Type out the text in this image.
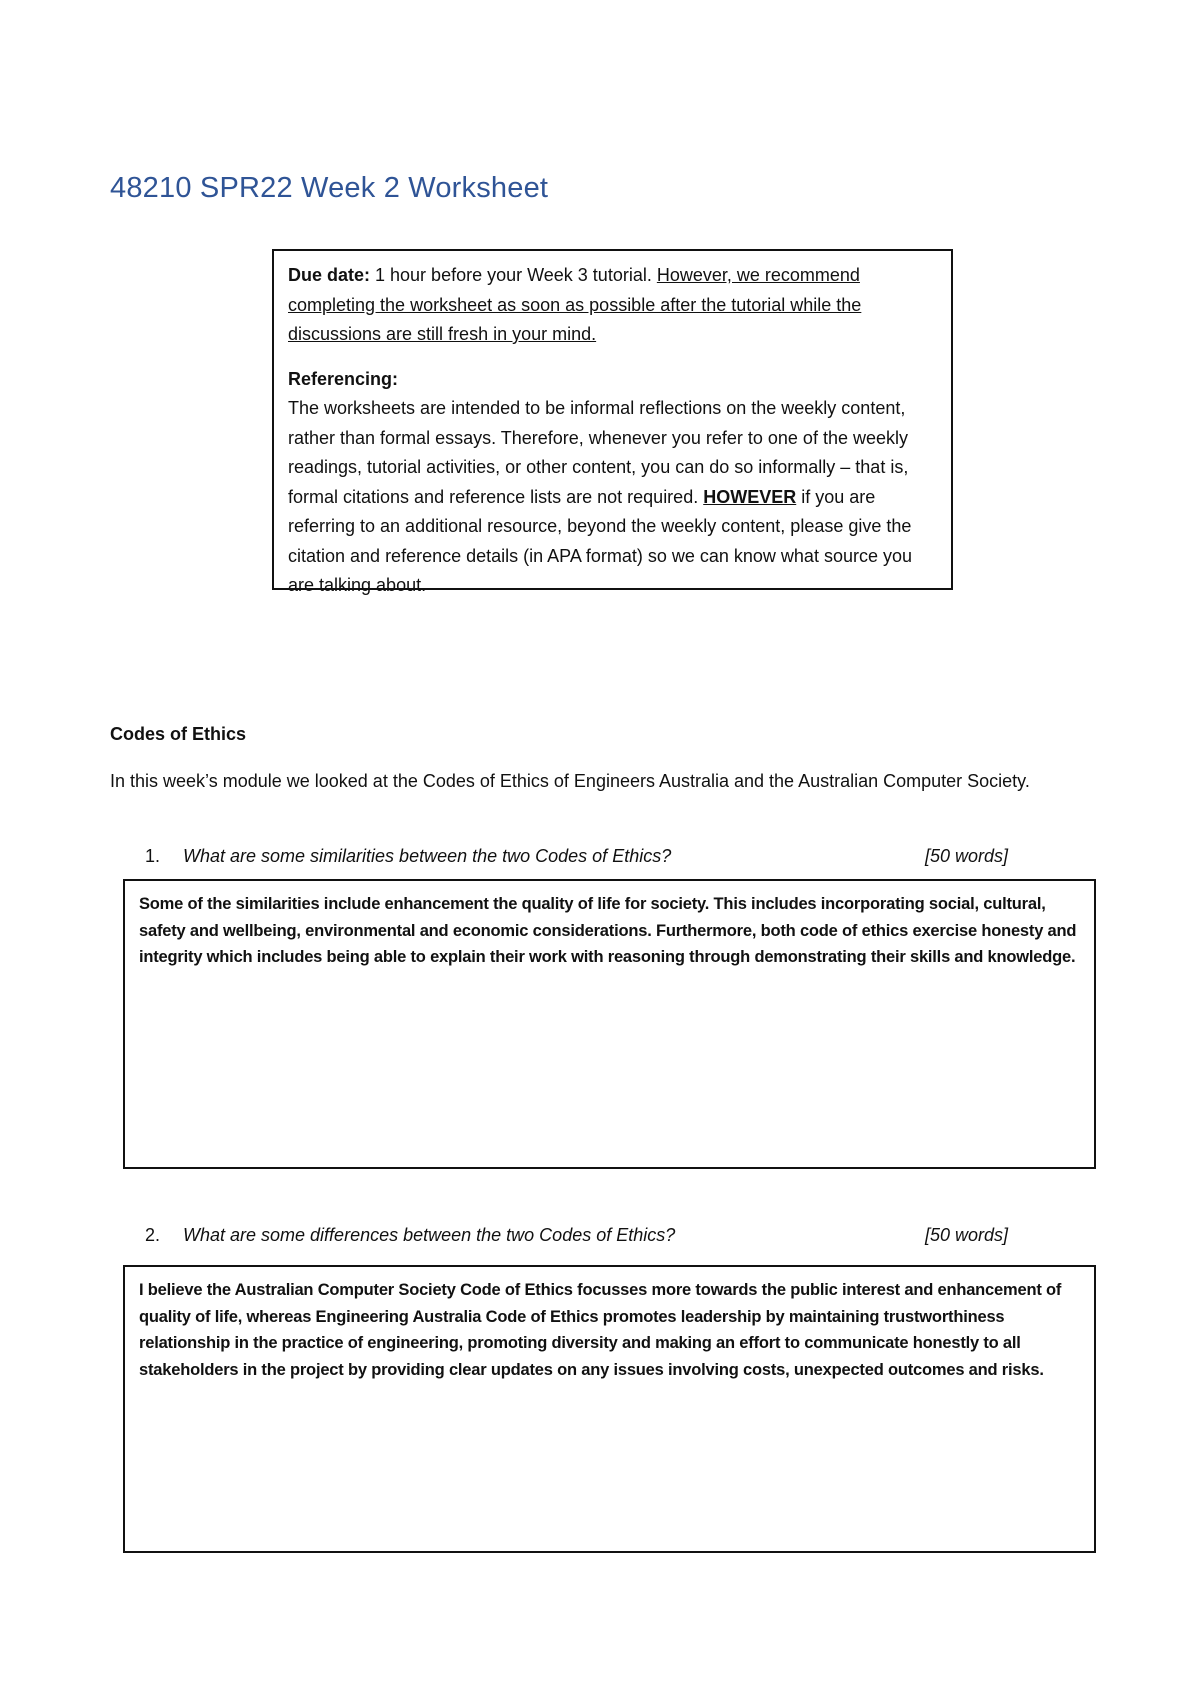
48210 SPR22 Week 2 Worksheet

Due date: 1 hour before your Week 3 tutorial. However, we recommend completing the worksheet as soon as possible after the tutorial while the discussions are still fresh in your mind.

Referencing:

The worksheets are intended to be informal reflections on the weekly content, rather than formal essays. Therefore, whenever you refer to one of the weekly readings, tutorial activities, or other content, you can do so informally – that is, formal citations and reference lists are not required. HOWEVER if you are referring to an additional resource, beyond the weekly content, please give the citation and reference details (in APA format) so we can know what source you are talking about.

Codes of Ethics

In this week’s module we looked at the Codes of Ethics of Engineers Australia and the Australian Computer Society.

1.	What are some similarities between the two Codes of Ethics?	[50 words]
Some of the similarities include enhancement the quality of life for society. This includes incorporating social, cultural, safety and wellbeing, environmental and economic considerations. Furthermore, both code of ethics exercise honesty and integrity which includes being able to explain their work with reasoning through demonstrating their skills and knowledge.
2.	What are some differences between the two Codes of Ethics?	[50 words]
I believe the Australian Computer Society Code of Ethics focusses more towards the public interest and enhancement of quality of life, whereas Engineering Australia Code of Ethics promotes leadership by maintaining trustworthiness relationship in the practice of engineering, promoting diversity and making an effort to communicate honestly to all stakeholders in the project by providing clear updates on any issues involving costs, unexpected outcomes and risks.
